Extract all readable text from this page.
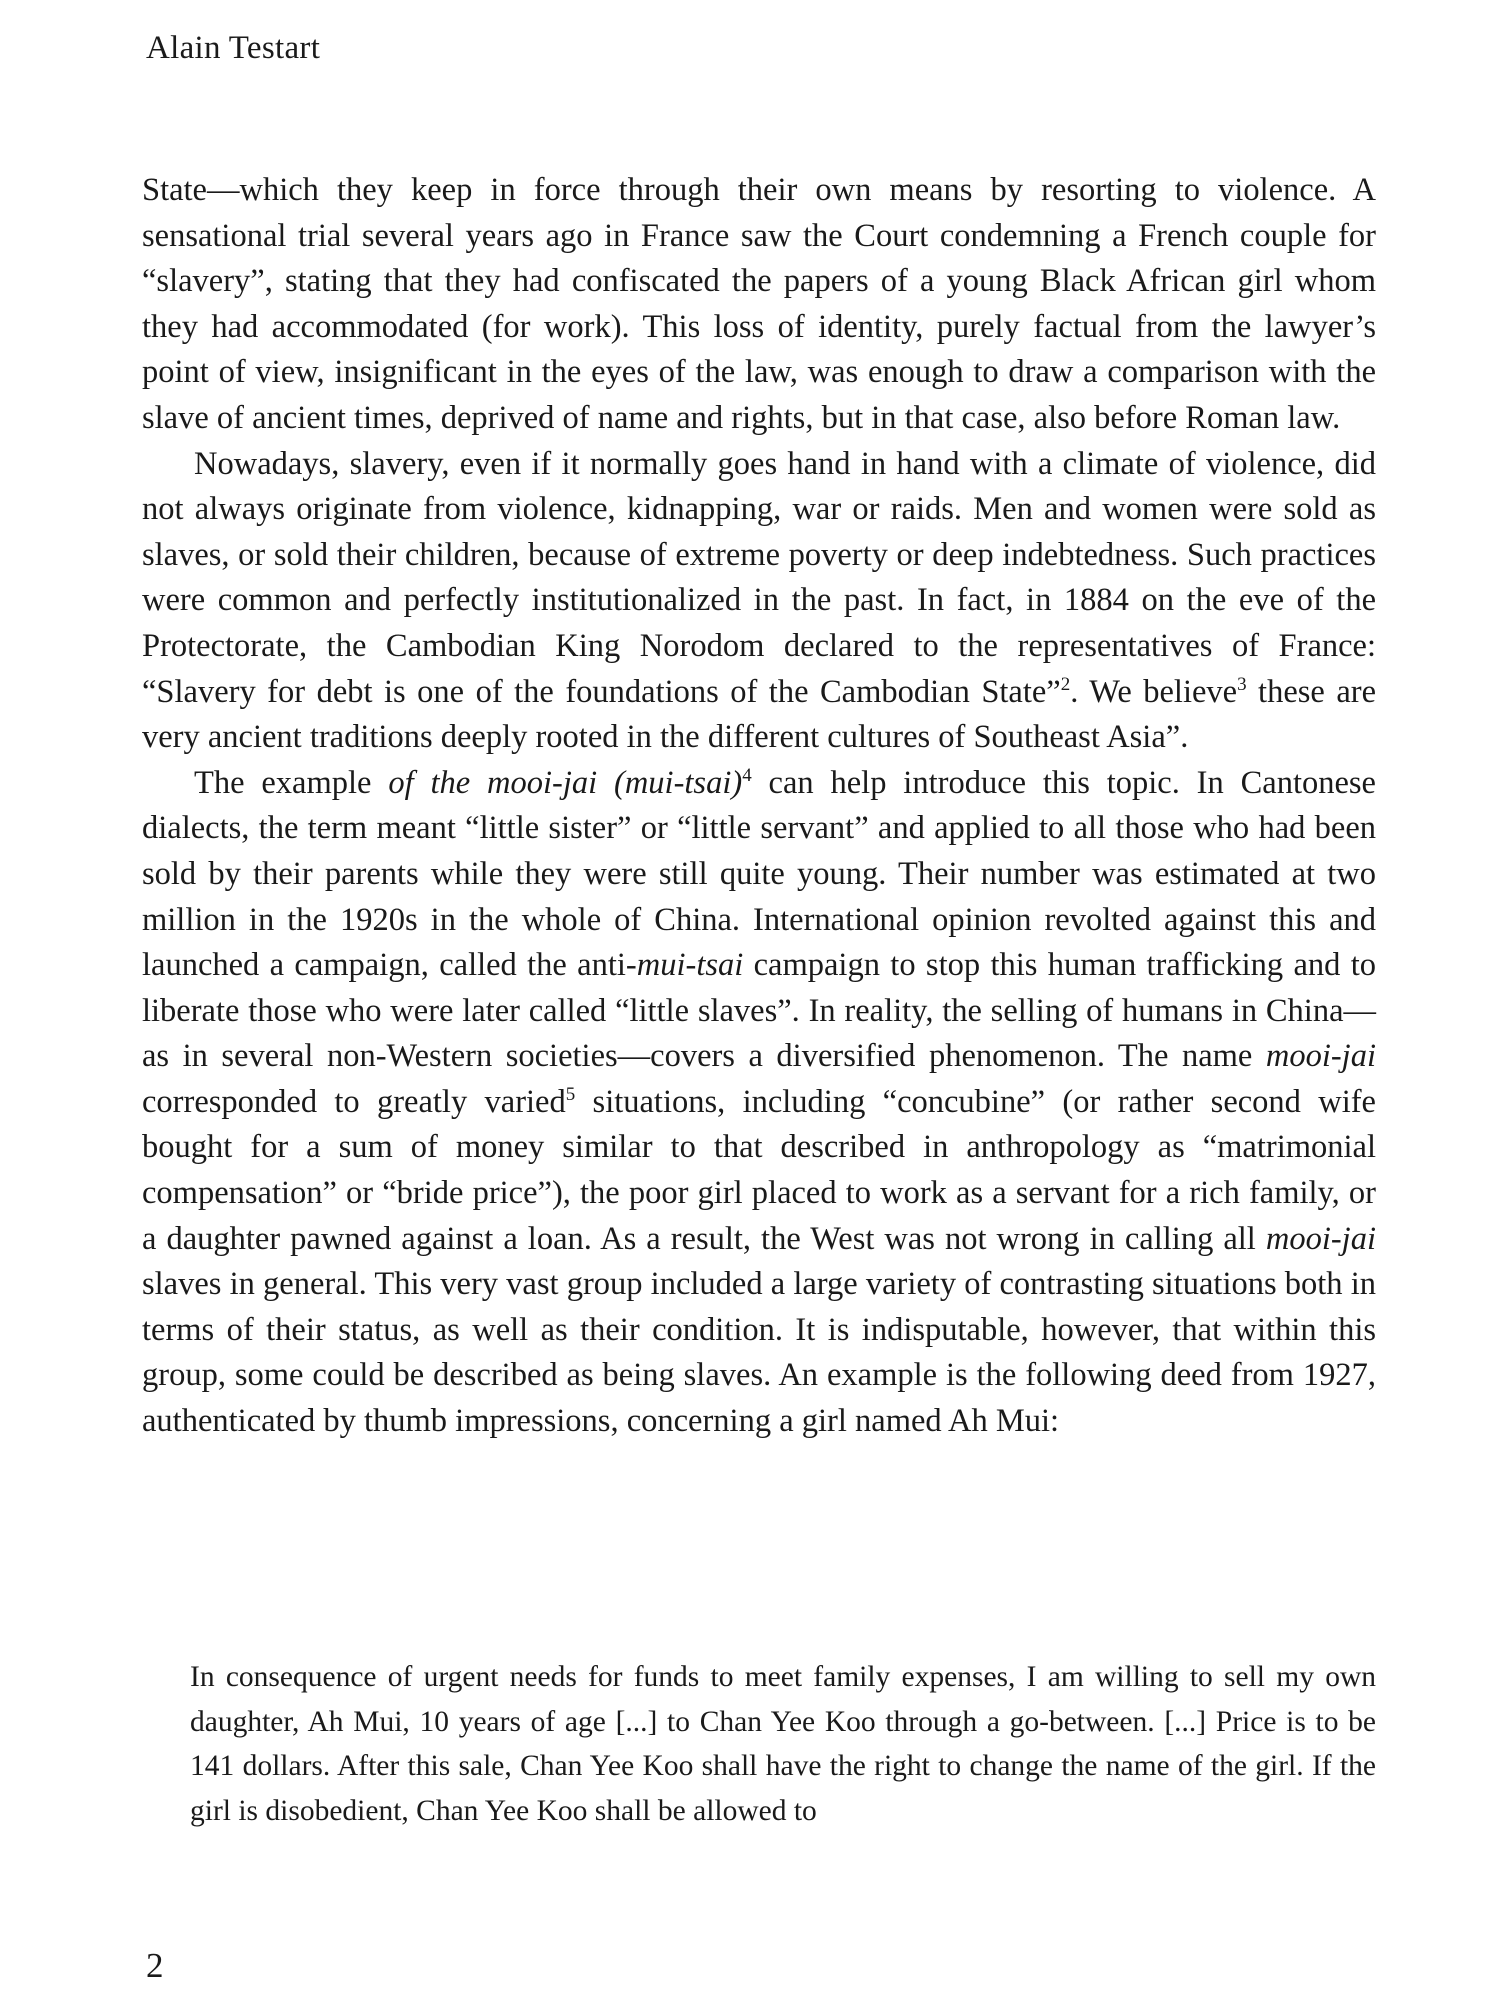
Alain Testart

State—which they keep in force through their own means by resorting to violence. A sensational trial several years ago in France saw the Court condemning a French couple for “slavery”, stating that they had confiscated the papers of a young Black African girl whom they had accommodated (for work). This loss of identity, purely factual from the lawyer’s point of view, insignificant in the eyes of the law, was enough to draw a comparison with the slave of ancient times, deprived of name and rights, but in that case, also before Roman law.

Nowadays, slavery, even if it normally goes hand in hand with a climate of violence, did not always originate from violence, kidnapping, war or raids. Men and women were sold as slaves, or sold their children, because of extreme poverty or deep indebtedness. Such practices were common and perfectly institutionalized in the past. In fact, in 1884 on the eve of the Protectorate, the Cambodian King Norodom declared to the representatives of France: “Slavery for debt is one of the foundations of the Cambodian State”$^2$. We believe$^3$ these are very ancient traditions deeply rooted in the different cultures of Southeast Asia”.

The example of the mooi-jai (mui-tsai)$^4$ can help introduce this topic. In Cantonese dialects, the term meant “little sister” or “little servant” and applied to all those who had been sold by their parents while they were still quite young. Their number was estimated at two million in the 1920s in the whole of China. International opinion revolted against this and launched a campaign, called the anti-mui-tsai campaign to stop this human trafficking and to liberate those who were later called “little slaves”. In reality, the selling of humans in China—as in several non-Western societies—covers a diversified phenomenon. The name mooi-jai corresponded to greatly varied$^5$ situations, including “concubine” (or rather second wife bought for a sum of money similar to that described in anthropology as “matrimonial compensation” or “bride price”), the poor girl placed to work as a servant for a rich family, or a daughter pawned against a loan. As a result, the West was not wrong in calling all mooi-jai slaves in general. This very vast group included a large variety of contrasting situations both in terms of their status, as well as their condition. It is indisputable, however, that within this group, some could be described as being slaves. An example is the following deed from 1927, authenticated by thumb impressions, concerning a girl named Ah Mui:

In consequence of urgent needs for funds to meet family expenses, I am willing to sell my own daughter, Ah Mui, 10 years of age [...] to Chan Yee Koo through a go-between. [...] Price is to be 141 dollars. After this sale, Chan Yee Koo shall have the right to change the name of the girl. If the girl is disobedient, Chan Yee Koo shall be allowed to

2
